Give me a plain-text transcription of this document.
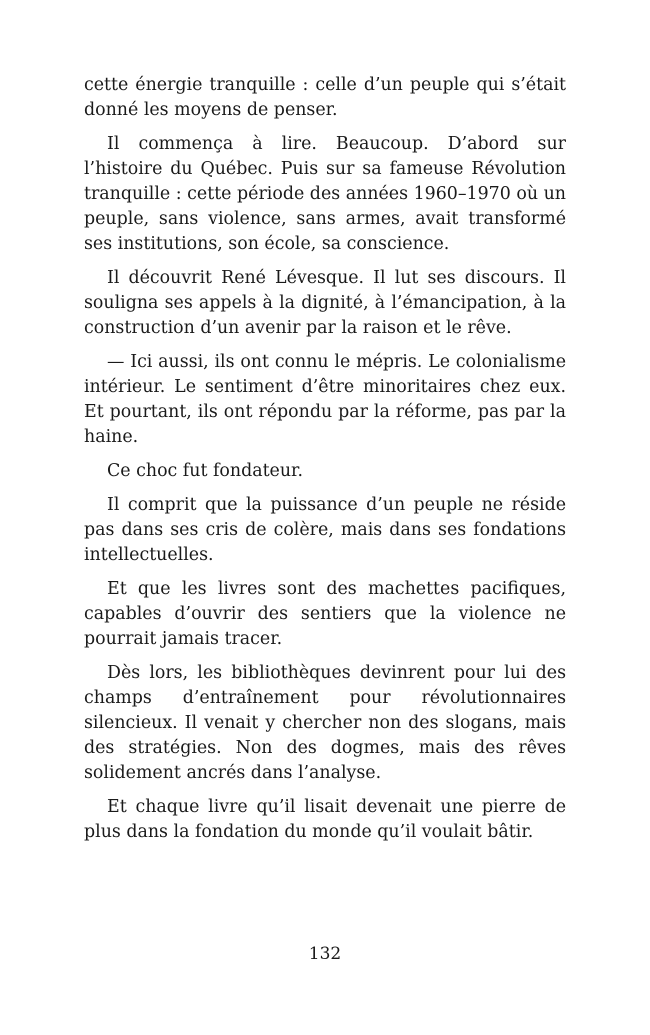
cette énergie tranquille : celle d’un peuple qui s’était donné les moyens de penser.

Il commença à lire. Beaucoup. D’abord sur l’histoire du Québec. Puis sur sa fameuse Révolution tranquille : cette période des années 1960–1970 où un peuple, sans violence, sans armes, avait transformé ses institutions, son école, sa conscience.

Il découvrit René Lévesque. Il lut ses discours. Il souligna ses appels à la dignité, à l’émancipation, à la construction d’un avenir par la raison et le rêve.

— Ici aussi, ils ont connu le mépris. Le colonialisme intérieur. Le sentiment d’être minoritaires chez eux. Et pourtant, ils ont répondu par la réforme, pas par la haine.

Ce choc fut fondateur.

Il comprit que la puissance d’un peuple ne réside pas dans ses cris de colère, mais dans ses fondations intellectuelles.

Et que les livres sont des machettes pacifiques, capables d’ouvrir des sentiers que la violence ne pourrait jamais tracer.

Dès lors, les bibliothèques devinrent pour lui des champs d’entraînement pour révolutionnaires silencieux. Il venait y chercher non des slogans, mais des stratégies. Non des dogmes, mais des rêves solidement ancrés dans l’analyse.

Et chaque livre qu’il lisait devenait une pierre de plus dans la fondation du monde qu’il voulait bâtir.

132
